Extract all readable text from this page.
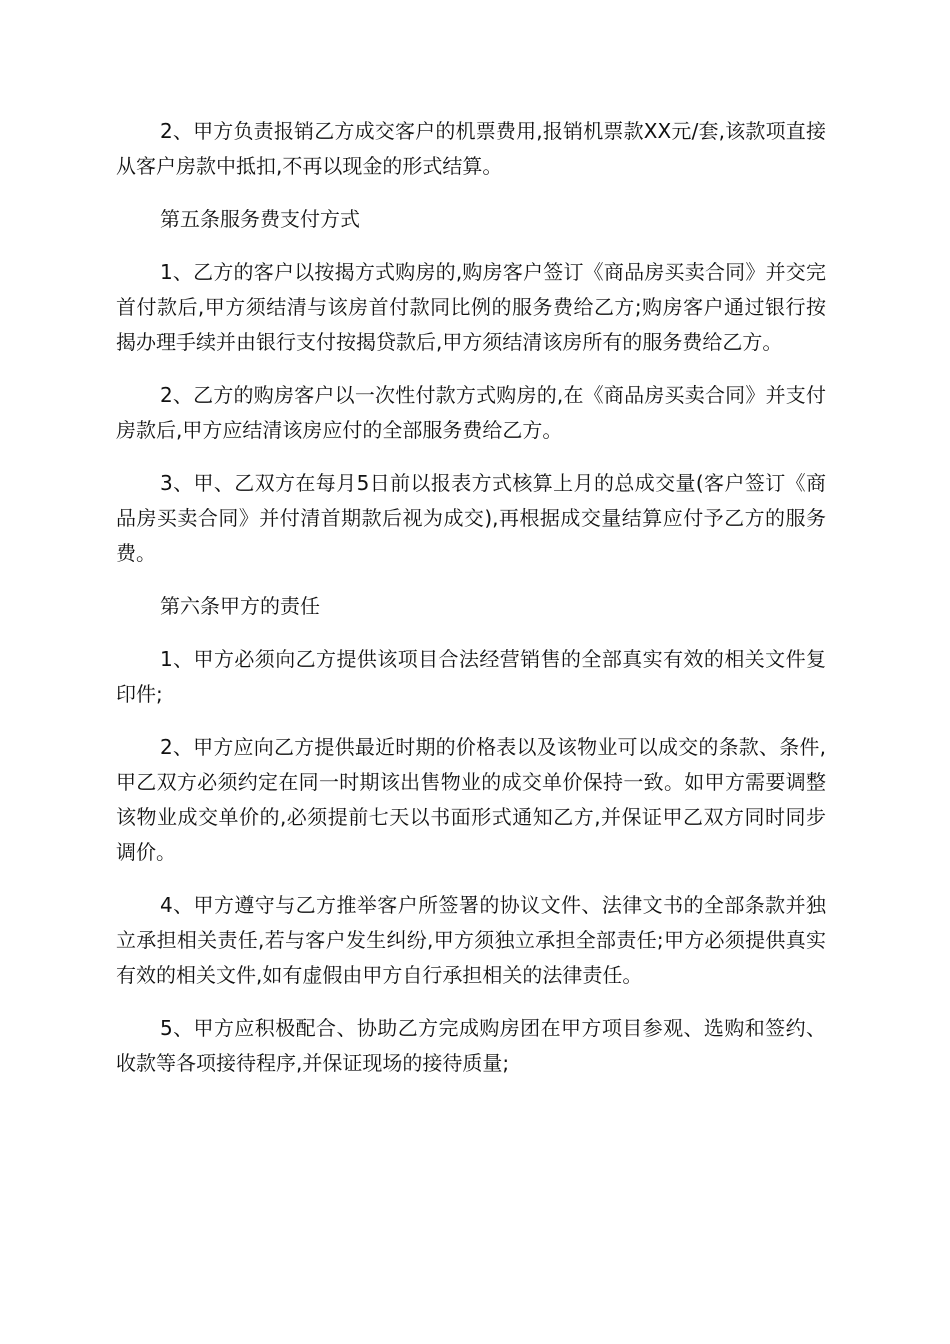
2、甲方负责报销乙方成交客户的机票费用,报销机票款XX元/套,该款项直接从客户房款中抵扣,不再以现金的形式结算。

第五条服务费支付方式

1、乙方的客户以按揭方式购房的,购房客户签订《商品房买卖合同》并交完首付款后,甲方须结清与该房首付款同比例的服务费给乙方;购房客户通过银行按揭办理手续并由银行支付按揭贷款后,甲方须结清该房所有的服务费给乙方。

2、乙方的购房客户以一次性付款方式购房的,在《商品房买卖合同》并支付房款后,甲方应结清该房应付的全部服务费给乙方。

3、甲、乙双方在每月5日前以报表方式核算上月的总成交量(客户签订《商品房买卖合同》并付清首期款后视为成交),再根据成交量结算应付予乙方的服务费。

第六条甲方的责任

1、甲方必须向乙方提供该项目合法经营销售的全部真实有效的相关文件复印件;

2、甲方应向乙方提供最近时期的价格表以及该物业可以成交的条款、条件,甲乙双方必须约定在同一时期该出售物业的成交单价保持一致。如甲方需要调整该物业成交单价的,必须提前七天以书面形式通知乙方,并保证甲乙双方同时同步调价。

4、甲方遵守与乙方推举客户所签署的协议文件、法律文书的全部条款并独立承担相关责任,若与客户发生纠纷,甲方须独立承担全部责任;甲方必须提供真实有效的相关文件,如有虚假由甲方自行承担相关的法律责任。

5、甲方应积极配合、协助乙方完成购房团在甲方项目参观、选购和签约、收款等各项接待程序,并保证现场的接待质量;
